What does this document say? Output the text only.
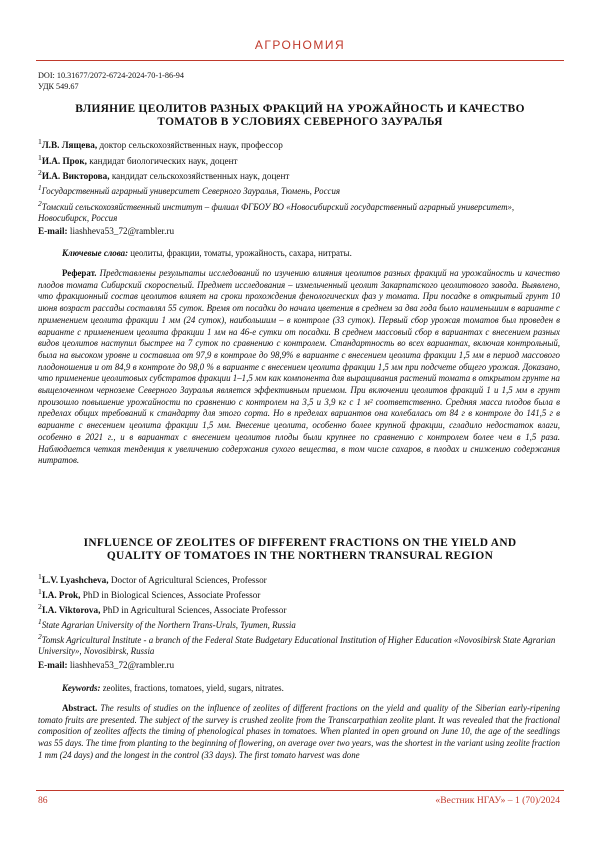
АГРОНОМИЯ
DOI: 10.31677/2072-6724-2024-70-1-86-94
УДК 549.67
ВЛИЯНИЕ ЦЕОЛИТОВ РАЗНЫХ ФРАКЦИЙ НА УРОЖАЙНОСТЬ И КАЧЕСТВО
ТОМАТОВ В УСЛОВИЯХ СЕВЕРНОГО ЗАУРАЛЬЯ
$^1$Л.В. Лящева, доктор сельскохозяйственных наук, профессор
$^1$И.А. Прок, кандидат биологических наук, доцент
$^2$И.А. Викторова, кандидат сельскохозяйственных наук, доцент
$^1$Государственный аграрный университет Северного Зауралья, Тюмень, Россия
$^2$Томский сельскохозяйственный институт – филиал ФГБОУ ВО «Новосибирский государственный аграрный университет», Новосибирск, Россия
E-mail: liashheva53_72@rambler.ru
Ключевые слова: цеолиты, фракции, томаты, урожайность, сахара, нитраты.
Реферат. Представлены результаты исследований по изучению влияния цеолитов разных фракций на урожайность и качество плодов томата Сибирский скороспелый. Предмет исследования – измельченный цеолит Закарпатского цеолитового завода. Выявлено, что фракционный состав цеолитов влияет на сроки прохождения фенологических фаз у томата. При посадке в открытый грунт 10 июня возраст рассады составлял 55 суток. Время от посадки до начала цветения в среднем за два года было наименьшим в варианте с применением цеолита фракции 1 мм (24 суток), наибольшим – в контроле (33 суток). Первый сбор урожая томатов был проведен в варианте с применением цеолита фракции 1 мм на 46-е сутки от посадки. В среднем массовый сбор в вариантах с внесением разных видов цеолитов наступил быстрее на 7 суток по сравнению с контролем. Стандартность во всех вариантах, включая контрольный, была на высоком уровне и составила от 97,9 в контроле до 98,9% в варианте с внесением цеолита фракции 1,5 мм в период массового плодоношения и от 84,9 в контроле до 98,0 % в варианте с внесением цеолита фракции 1,5 мм при подсчете общего урожая. Доказано, что применение цеолитовых субстратов фракции 1–1,5 мм как компонента для выращивания растений томата в открытом грунте на выщелоченном черноземе Северного Зауралья является эффективным приемом. При включении цеолитов фракций 1 и 1,5 мм в грунт произошло повышение урожайности по сравнению с контролем на 3,5 и 3,9 кг с 1 м² соответственно. Средняя масса плодов была в пределах общих требований к стандарту для этого сорта. Но в пределах вариантов она колебалась от 84 г в контроле до 141,5 г в варианте с внесением цеолита фракции 1,5 мм. Внесение цеолита, особенно более крупной фракции, сгладило недостаток влаги, особенно в 2021 г., и в вариантах с внесением цеолитов плоды были крупнее по сравнению с контролем более чем в 1,5 раза. Наблюдается четкая тенденция к увеличению содержания сухого вещества, в том числе сахаров, в плодах и снижению содержания нитратов.
INFLUENCE OF ZEOLITES OF DIFFERENT FRACTIONS ON THE YIELD AND
QUALITY OF TOMATOES IN THE NORTHERN TRANSURAL REGION
$^1$L.V. Lyashcheva, Doctor of Agricultural Sciences, Professor
$^1$I.A. Prok, PhD in Biological Sciences, Associate Professor
$^2$I.A. Viktorova, PhD in Agricultural Sciences, Associate Professor
$^1$State Agrarian University of the Northern Trans-Urals, Tyumen, Russia
$^2$Tomsk Agricultural Institute - a branch of the Federal State Budgetary Educational Institution of Higher Education «Novosibirsk State Agrarian University», Novosibirsk, Russia
E-mail: liashheva53_72@rambler.ru
Keywords: zeolites, fractions, tomatoes, yield, sugars, nitrates.
Abstract. The results of studies on the influence of zeolites of different fractions on the yield and quality of the Siberian early-ripening tomato fruits are presented. The subject of the survey is crushed zeolite from the Transcarpathian zeolite plant. It was revealed that the fractional composition of zeolites affects the timing of phenological phases in tomatoes. When planted in open ground on June 10, the age of the seedlings was 55 days. The time from planting to the beginning of flowering, on average over two years, was the shortest in the variant using zeolite fraction 1 mm (24 days) and the longest in the control (33 days). The first tomato harvest was done
86	«Вестник НГАУ» – 1 (70)/2024
